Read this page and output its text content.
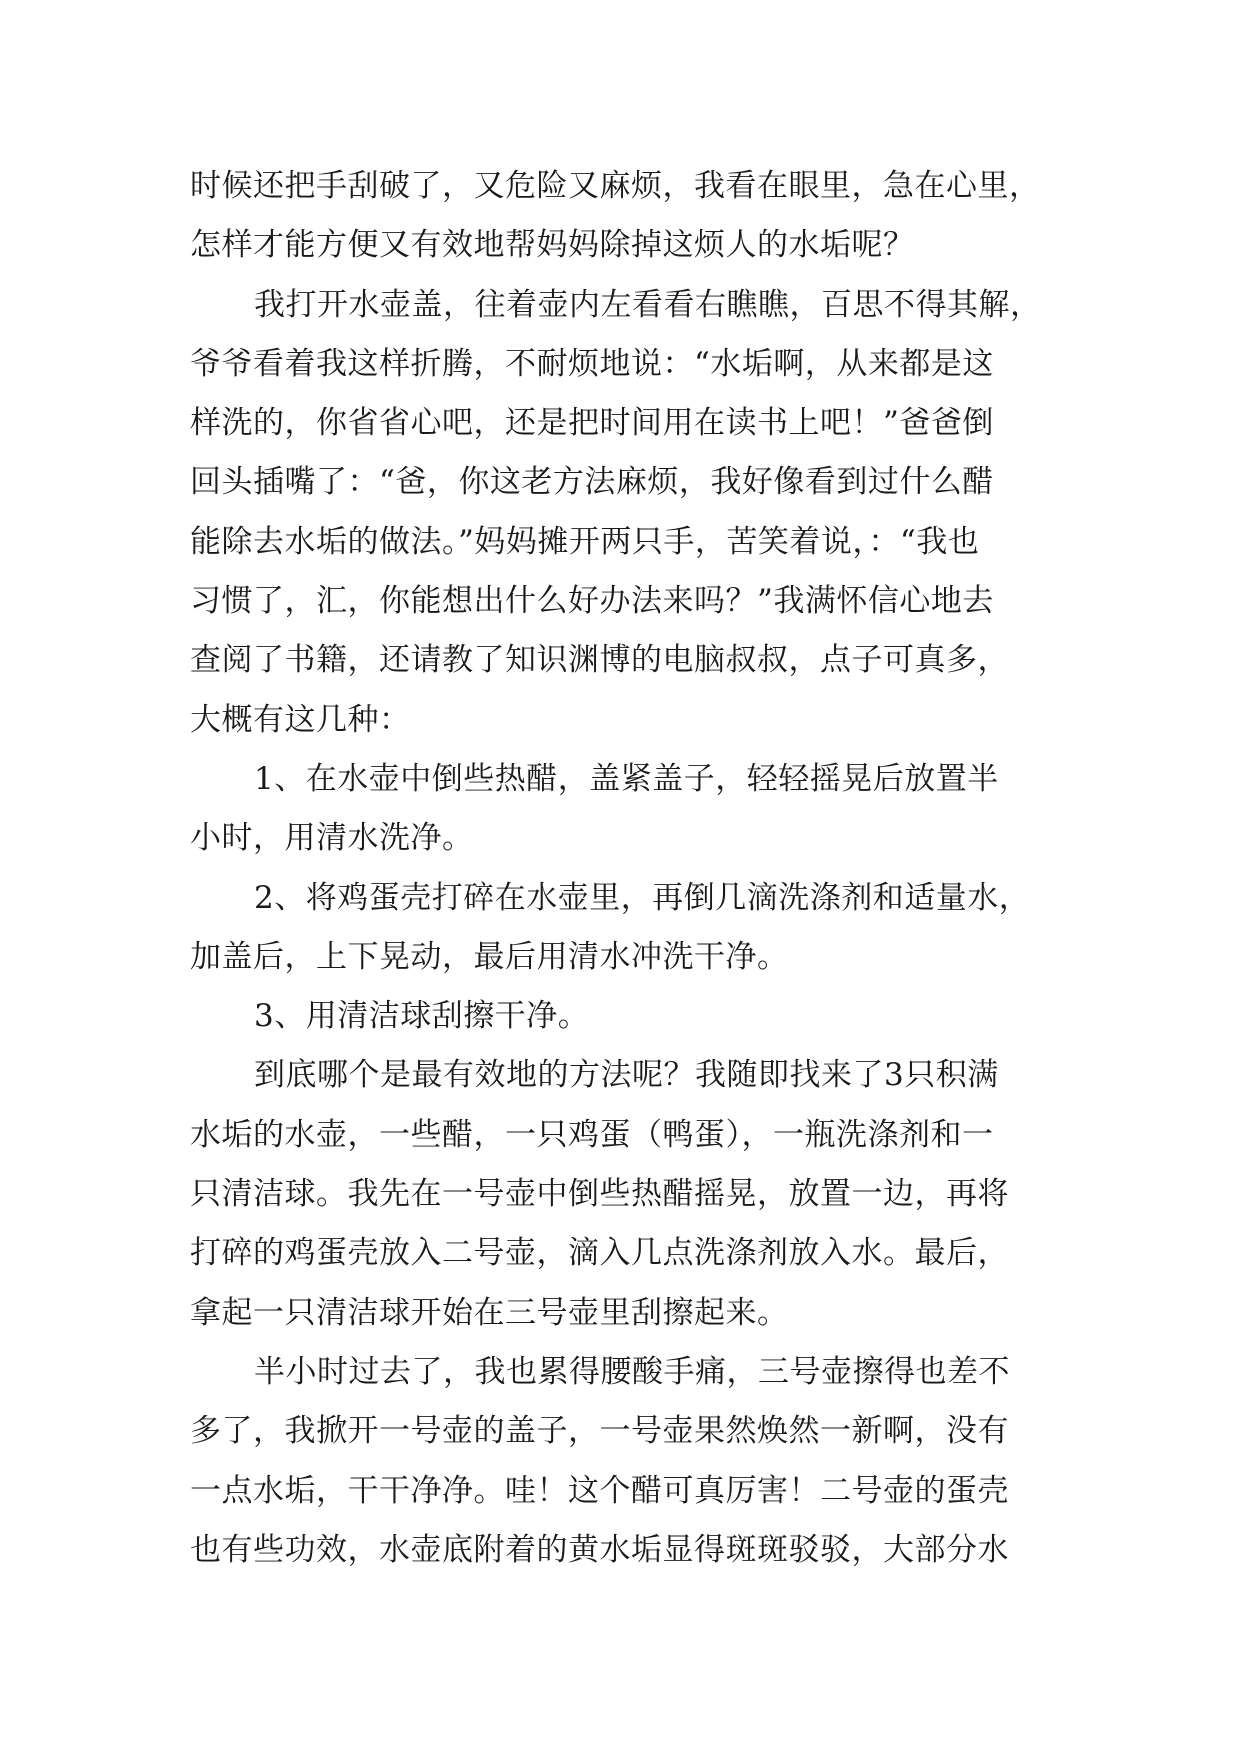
时候还把手刮破了，又危险又麻烦，我看在眼里，急在心里，
怎样才能方便又有效地帮妈妈除掉这烦人的水垢呢？
我打开水壶盖，往着壶内左看看右瞧瞧，百思不得其解，
爷爷看着我这样折腾，不耐烦地说：“水垢啊，从来都是这
样洗的，你省省心吧，还是把时间用在读书上吧！”爸爸倒
回头插嘴了：“爸，你这老方法麻烦，我好像看到过什么醋
能除去水垢的做法。”妈妈摊开两只手，苦笑着说，：“我也
习惯了，汇，你能想出什么好办法来吗？”我满怀信心地去
查阅了书籍，还请教了知识渊博的电脑叔叔，点子可真多，
大概有这几种：
1、在水壶中倒些热醋，盖紧盖子，轻轻摇晃后放置半
小时，用清水洗净。
2、将鸡蛋壳打碎在水壶里，再倒几滴洗涤剂和适量水，
加盖后，上下晃动，最后用清水冲洗干净。
3、用清洁球刮擦干净。
到底哪个是最有效地的方法呢？我随即找来了3只积满
水垢的水壶，一些醋，一只鸡蛋（鸭蛋），一瓶洗涤剂和一
只清洁球。我先在一号壶中倒些热醋摇晃，放置一边，再将
打碎的鸡蛋壳放入二号壶，滴入几点洗涤剂放入水。最后，
拿起一只清洁球开始在三号壶里刮擦起来。
半小时过去了，我也累得腰酸手痛，三号壶擦得也差不
多了，我掀开一号壶的盖子，一号壶果然焕然一新啊，没有
一点水垢，干干净净。哇！这个醋可真厉害！二号壶的蛋壳
也有些功效，水壶底附着的黄水垢显得斑斑驳驳，大部分水
